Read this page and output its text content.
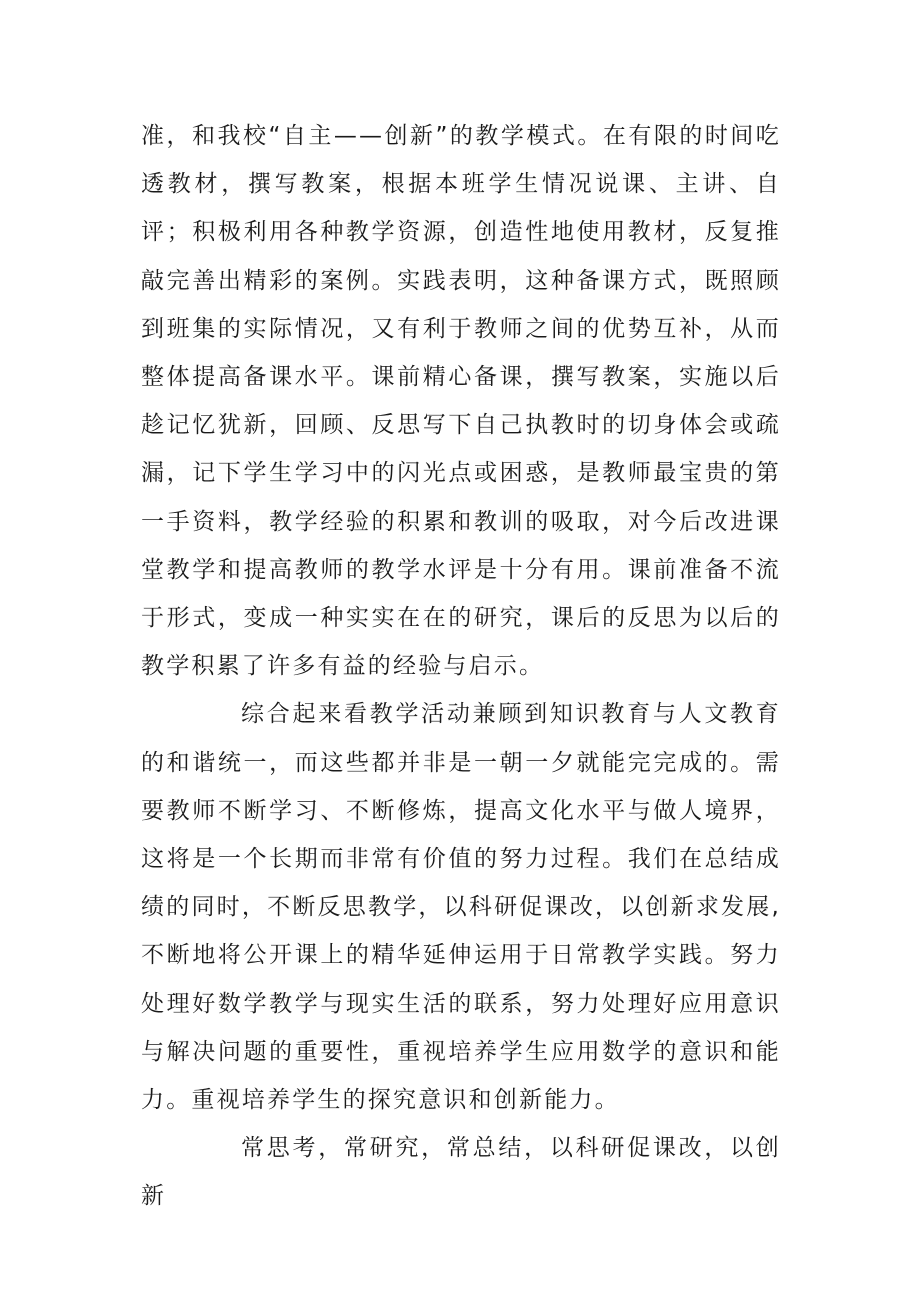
准，和我校“自主——创新”的教学模式。在有限的时间吃透教材，撰写教案，根据本班学生情况说课、主讲、自评；积极利用各种教学资源，创造性地使用教材，反复推敲完善出精彩的案例。实践表明，这种备课方式，既照顾到班集的实际情况，又有利于教师之间的优势互补，从而整体提高备课水平。课前精心备课，撰写教案，实施以后趁记忆犹新，回顾、反思写下自己执教时的切身体会或疏漏，记下学生学习中的闪光点或困惑，是教师最宝贵的第一手资料，教学经验的积累和教训的吸取，对今后改进课堂教学和提高教师的教学水评是十分有用。课前准备不流于形式，变成一种实实在在的研究，课后的反思为以后的教学积累了许多有益的经验与启示。

综合起来看教学活动兼顾到知识教育与人文教育的和谐统一，而这些都并非是一朝一夕就能完完成的。需要教师不断学习、不断修炼，提高文化水平与做人境界，这将是一个长期而非常有价值的努力过程。我们在总结成绩的同时，不断反思教学，以科研促课改，以创新求发展,不断地将公开课上的精华延伸运用于日常教学实践。努力处理好数学教学与现实生活的联系，努力处理好应用意识与解决问题的重要性，重视培养学生应用数学的意识和能力。重视培养学生的探究意识和创新能力。

常思考，常研究，常总结，以科研促课改，以创新
